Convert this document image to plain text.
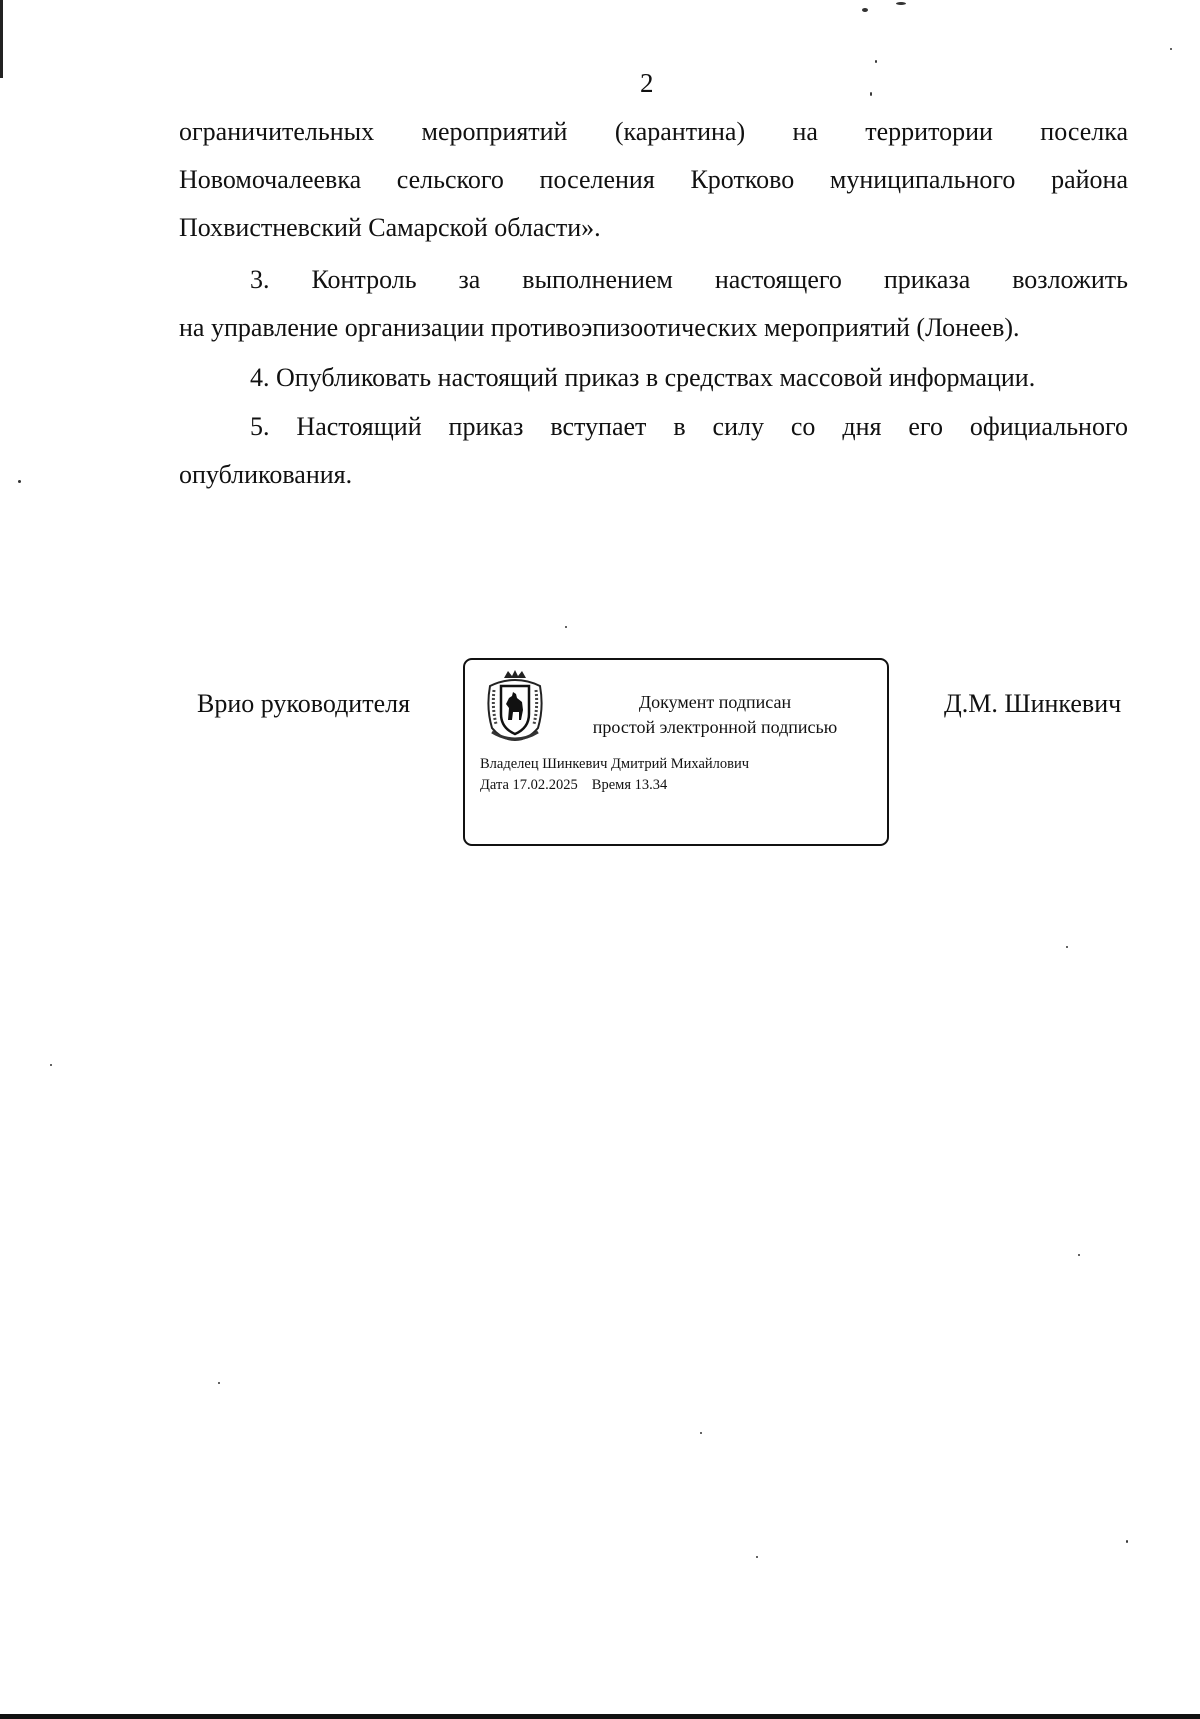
2
ограничительных мероприятий (карантина) на территории поселка
Новомочалеевка сельского поселения Кротково муниципального района
Похвистневский Самарской области».
3. Контроль за выполнением настоящего приказа возложить
на управление организации противоэпизоотических мероприятий (Лонеев).
4. Опубликовать настоящий приказ в средствах массовой информации.
5. Настоящий приказ вступает в силу со дня его официального
опубликования.
Врио руководителя	Документ подписан
простой электронной подписью
Владелец Шинкевич Дмитрий Михайлович
Дата 17.02.2025 Время 13.34
Д.М. Шинкевич
